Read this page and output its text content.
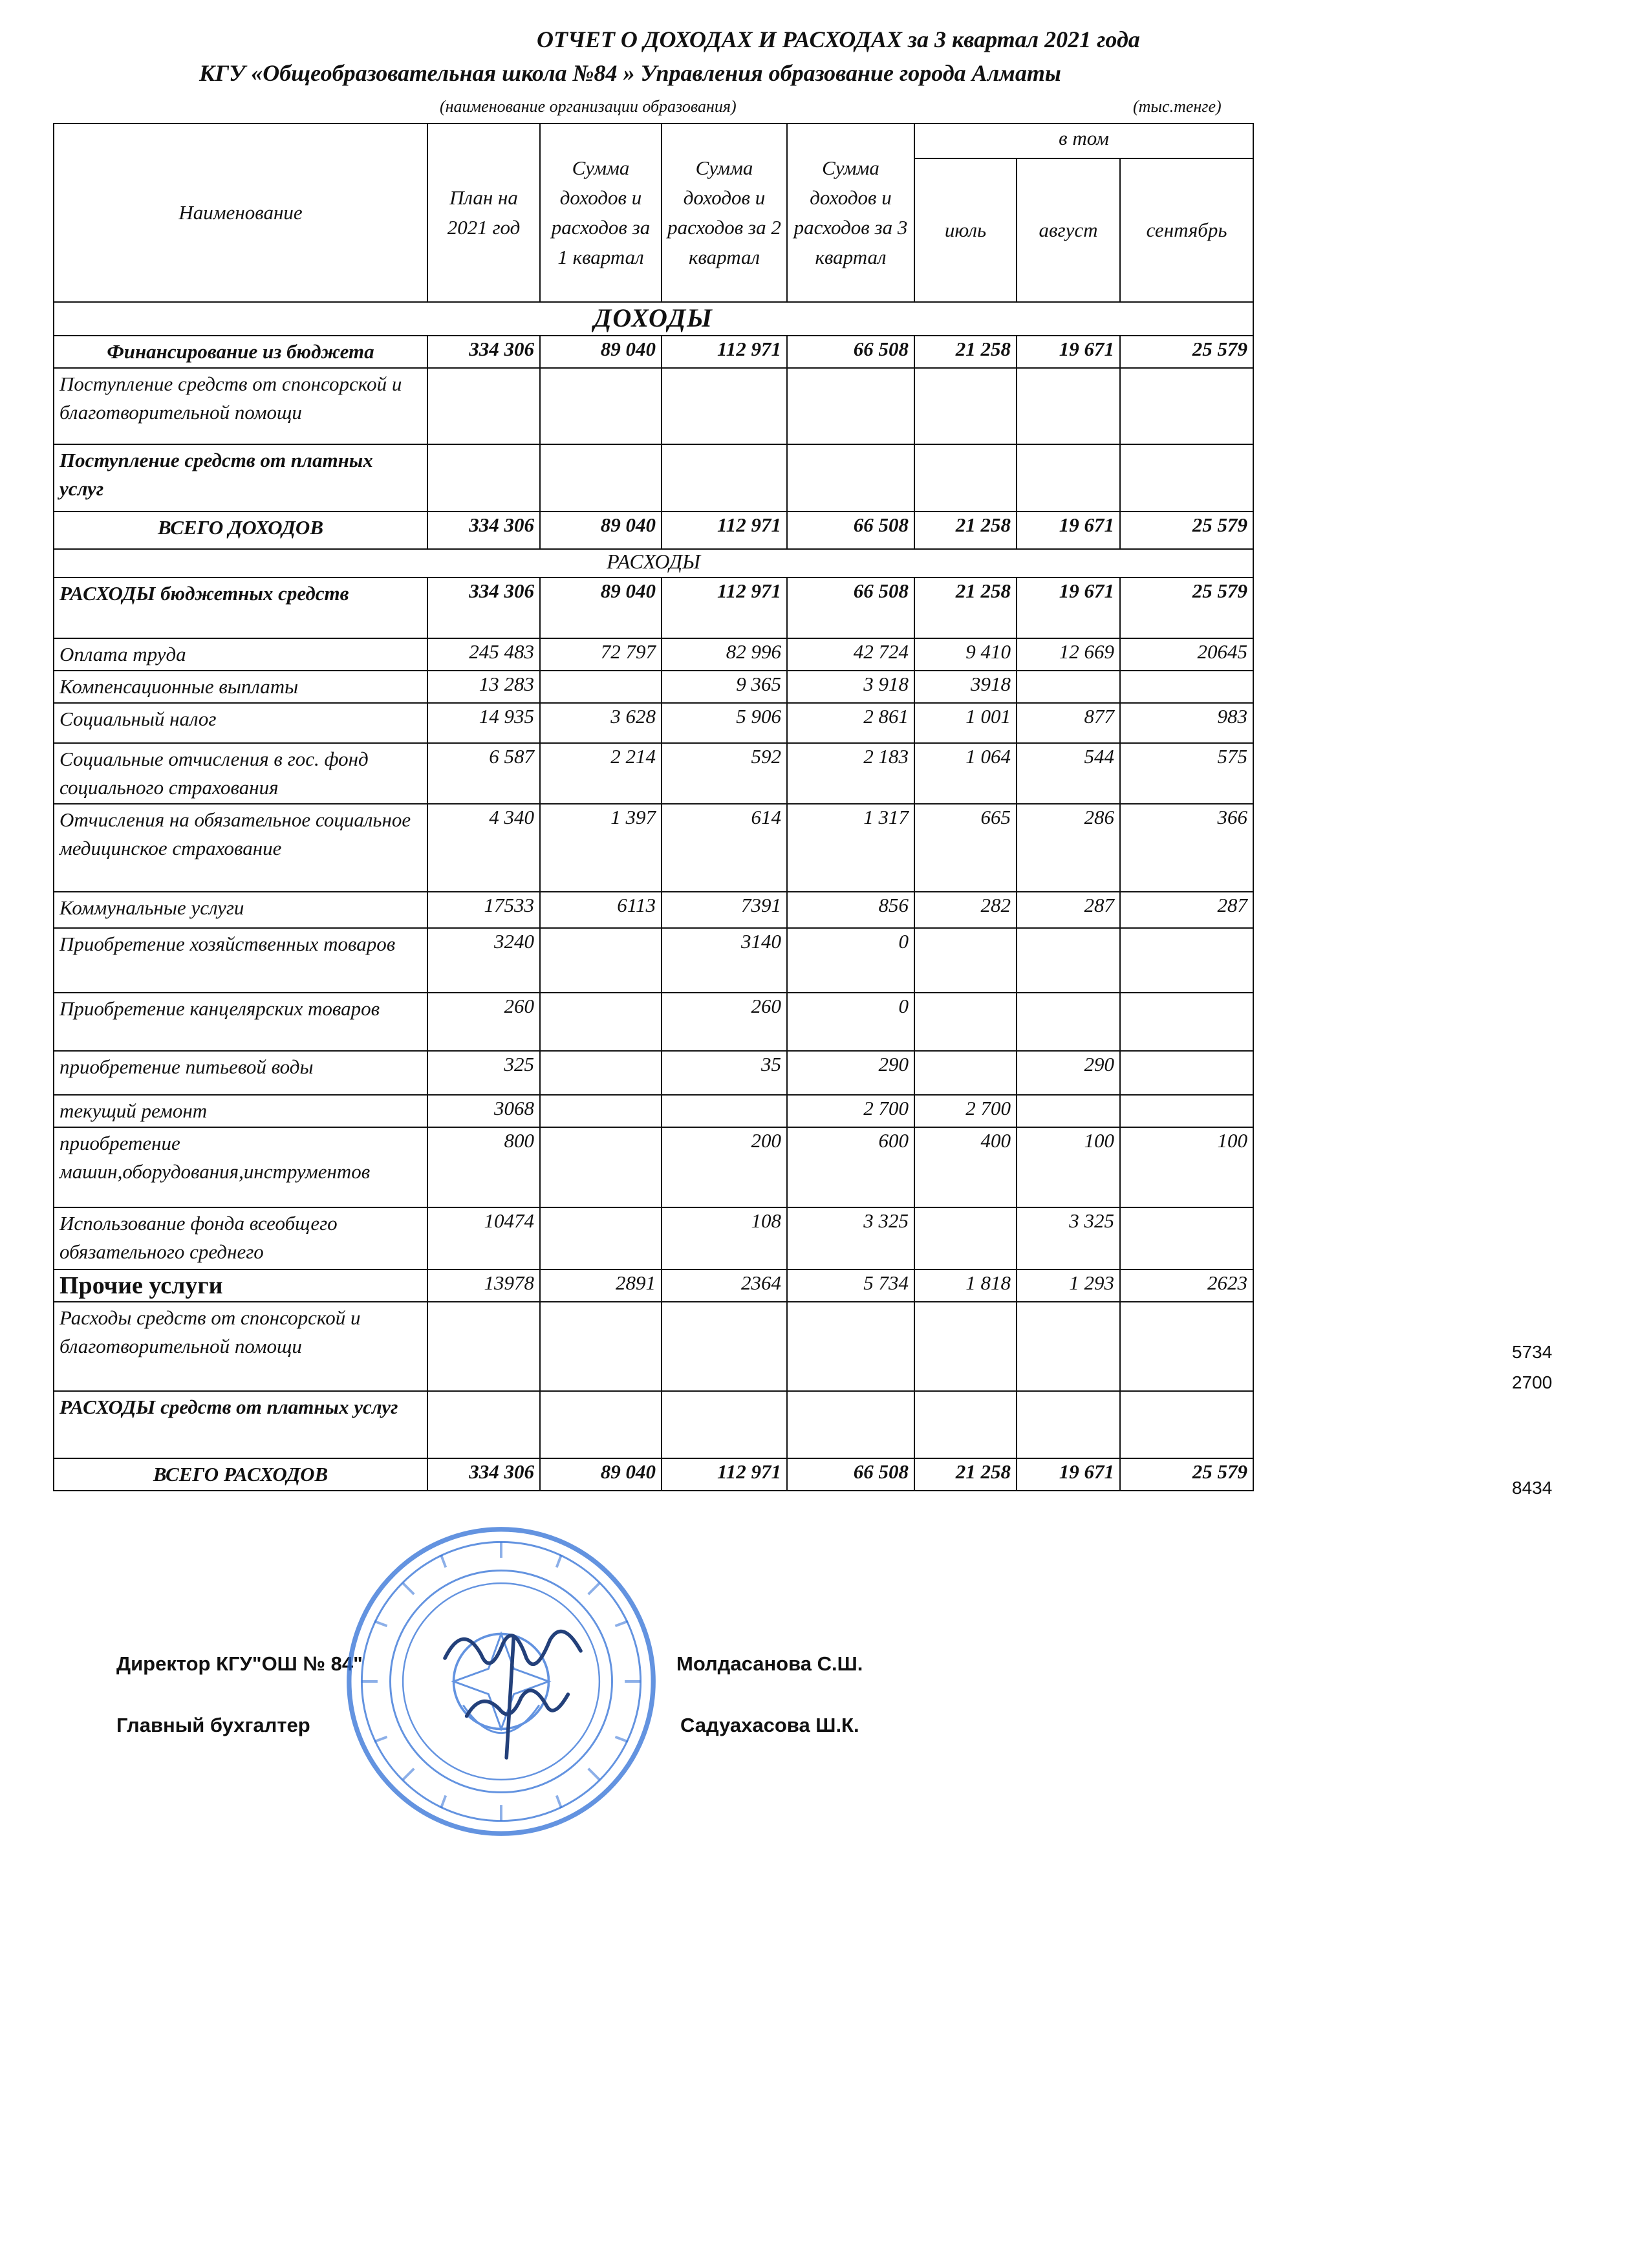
ОТЧЕТ О ДОХОДАХ И РАСХОДАХ за 3 квартал 2021 года
КГУ «Общеобразовательная школа №84 » Управления образование города Алматы
(наименование организации образования)	(тыс.тенге)
Наименование	План на 2021 год	Сумма доходов и расходов за 1 квартал	Сумма доходов и расходов за 2 квартал	Сумма доходов и расходов за 3 квартал	в том		
					июль	август	сентябрь
ДОХОДЫ							
Финансирование из бюджета	334 306	89 040	112 971	66 508	21 258	19 671	25 579
Поступление средств от спонсорской и благотворительной помощи							
Поступление средств от платных услуг							
ВСЕГО ДОХОДОВ	334 306	89 040	112 971	66 508	21 258	19 671	25 579
РАСХОДЫ							
РАСХОДЫ бюджетных средств	334 306	89 040	112 971	66 508	21 258	19 671	25 579
Оплата труда	245 483	72 797	82 996	42 724	9 410	12 669	20645
Компенсационные выплаты	13 283		9 365	3 918	3918		
Социальный налог	14 935	3 628	5 906	2 861	1 001	877	983
Социальные отчисления в гос. фонд социального страхования	6 587	2 214	592	2 183	1 064	544	575
Отчисления на обязательное социальное медицинское страхование	4 340	1 397	614	1 317	665	286	366
Коммунальные услуги	17533	6113	7391	856	282	287	287
Приобретение хозяйственных товаров	3240		3140	0			
Приобретение канцелярских товаров	260		260	0			
приобретение питьевой воды	325		35	290		290	
текущий ремонт	3068			2 700	2 700		
приобретение машин,оборудования,инструментов	800		200	600	400	100	100
Использование фонда всеобщего обязательного среднего	10474		108	3 325		3 325	
Прочие услуги	13978	2891	2364	5 734	1 818	1 293	2623
Расходы средств от спонсорской и благотворительной помощи							
РАСХОДЫ средств от платных услуг							
ВСЕГО РАСХОДОВ	334 306	89 040	112 971	66 508	21 258	19 671	25 579
5734
2700
8434
Директор КГУ"ОШ № 84"	Молдасанова С.Ш.
Главный бухгалтер	Садуахасова Ш.К.
